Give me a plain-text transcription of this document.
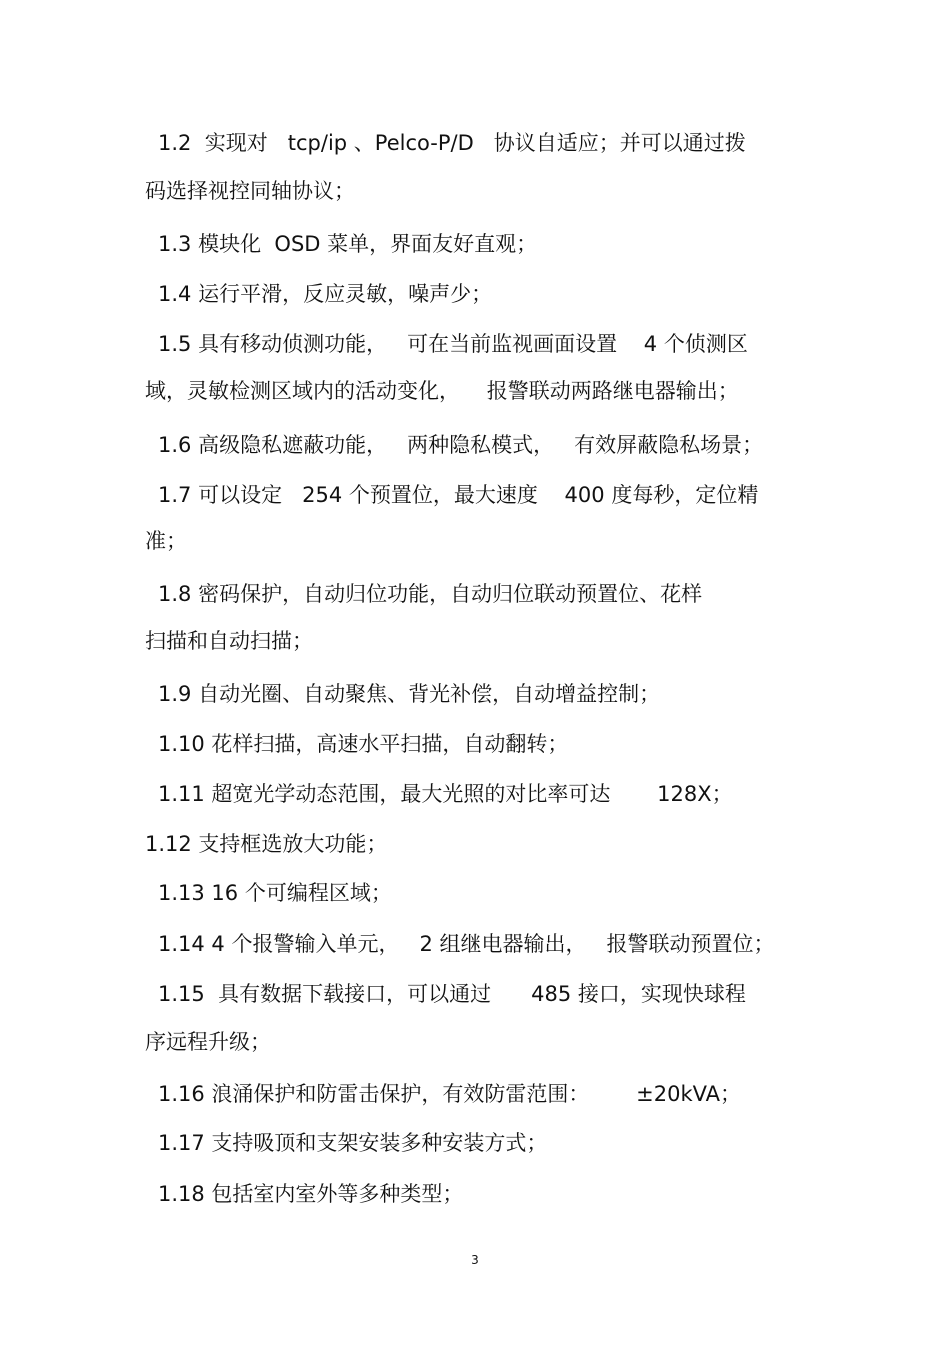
1.2  实现对   tcp/ip 、Pelco-P/D   协议自适应；并可以通过拨
码选择视控同轴协议；
1.3 模块化  OSD 菜单，界面友好直观；
1.4 运行平滑，反应灵敏，噪声少；
1.5 具有移动侦测功能，   可在当前监视画面设置    4 个侦测区
域，灵敏检测区域内的活动变化，    报警联动两路继电器输出；
1.6 高级隐私遮蔽功能，   两种隐私模式，   有效屏蔽隐私场景；
1.7 可以设定   254 个预置位，最大速度    400 度每秒，定位精
准；
1.8 密码保护，自动归位功能，自动归位联动预置位、花样
扫描和自动扫描；
1.9 自动光圈、自动聚焦、背光补偿，自动增益控制；
1.10 花样扫描，高速水平扫描，自动翻转；
1.11 超宽光学动态范围，最大光照的对比率可达       128X；
1.12 支持框选放大功能；
1.13 16 个可编程区域；
1.14 4 个报警输入单元，   2 组继电器输出，   报警联动预置位；
1.15  具有数据下载接口，可以通过      485 接口，实现快球程
序远程升级；
1.16 浪涌保护和防雷击保护，有效防雷范围：       ±20kVA；
1.17 支持吸顶和支架安装多种安装方式；
1.18 包括室内室外等多种类型；
3
